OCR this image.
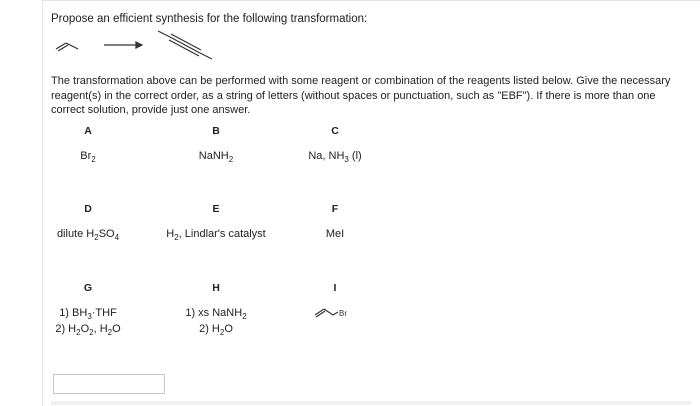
Propose an efficient synthesis for the following transformation:
The transformation above can be performed with some reagent or combination of the reagents listed below. Give the necessary reagent(s) in the correct order, as a string of letters (without spaces or punctuation, such as "EBF"). If there is more than one correct solution, provide just one answer.
A
$Br_2$
B
NaNH$_2$
C
Na, $NH_3$ (l)
D
dilute $H_2SO_4$
E
$H_2$, Lindlar's catalyst
F
MeI
G
1) $BH_3\cdot THF$
2) $H_2O_2$, $H_2O$
H
1) xs NaNH$_2$
2) $H_2O$
I
Br
